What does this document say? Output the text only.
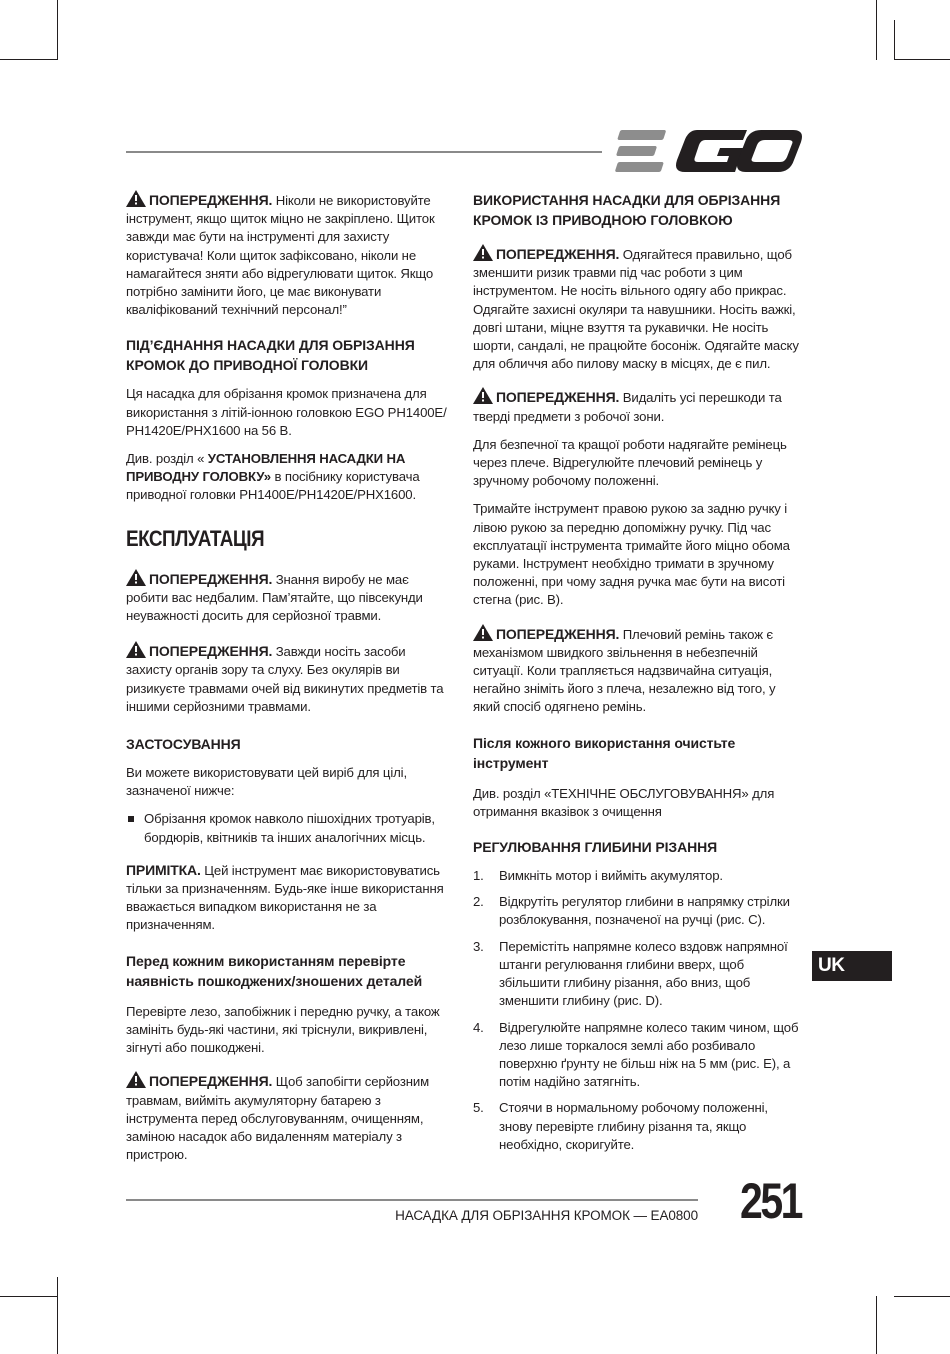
ПОПЕРЕДЖЕННЯ. Ніколи не використовуйте інструмент, якщо щиток міцно не закріплено. Щиток завжди має бути на інструменті для захисту користувача! Коли щиток зафіксовано, ніколи не намагайтеся зняти або відрегулювати щиток. Якщо потрібно замінити його, це має виконувати кваліфікований технічний персонал!”

ПІД’ЄДНАННЯ НАСАДКИ ДЛЯ ОБРІЗАННЯ КРОМОК ДО ПРИВОДНОЇ ГОЛОВКИ

Ця насадка для обрізання кромок призначена для використання з літій-іонною головкою EGO PH1400E/ PH1420E/PHX1600 на 56 В.

Див. розділ « УСТАНОВЛЕННЯ НАСАДКИ НА ПРИВОДНУ ГОЛОВКУ» в посібнику користувача приводної головки PH1400E/PH1420E/PHX1600.

ЕКСПЛУАТАЦІЯ

ПОПЕРЕДЖЕННЯ. Знання виробу не має робити вас недбалим. Пам’ятайте, що півсекунди неуважності досить для серйозної травми.

ПОПЕРЕДЖЕННЯ. Завжди носіть засоби захисту органів зору та слуху. Без окулярів ви ризикуєте травмами очей від викинутих предметів та іншими серйозними травмами.

ЗАСТОСУВАННЯ

Ви можете використовувати цей виріб для цілі, зазначеної нижче:

Обрізання кромок навколо пішохідних тротуарів, бордюрів, квітників та інших аналогічних місць.

ПРИМІТКА. Цей інструмент має використовуватись тільки за призначенням. Будь-яке інше використання вважається випадком використання не за призначенням.

Перед кожним використанням перевірте наявність пошкоджених/зношених деталей

Перевірте лезо, запобіжник і передню ручку, а також замініть будь-які частини, які тріснули, викривлені, зігнуті або пошкоджені.

ПОПЕРЕДЖЕННЯ. Щоб запобігти серйозним травмам, вийміть акумуляторну батарею з інструмента перед обслуговуванням, очищенням, заміною насадок або видаленням матеріалу з пристрою.

ВИКОРИСТАННЯ НАСАДКИ ДЛЯ ОБРІЗАННЯ КРОМОК ІЗ ПРИВОДНОЮ ГОЛОВКОЮ

ПОПЕРЕДЖЕННЯ. Одягайтеся правильно, щоб зменшити ризик травми під час роботи з цим інструментом. Не носіть вільного одягу або прикрас. Одягайте захисні окуляри та навушники. Носіть важкі, довгі штани, міцне взуття та рукавички. Не носіть шорти, сандалі, не працюйте босоніж. Одягайте маску для обличчя або пилову маску в місцях, де є пил.

ПОПЕРЕДЖЕННЯ. Видаліть усі перешкоди та тверді предмети з робочої зони.

Для безпечної та кращої роботи надягайте ремінець через плече. Відрегулюйте плечовий ремінець у зручному робочому положенні.

Тримайте інструмент правою рукою за задню ручку і лівою рукою за передню допоміжну ручку. Під час експлуатації інструмента тримайте його міцно обома руками. Інструмент необхідно тримати в зручному положенні, при чому задня ручка має бути на висоті стегна (рис. B).

ПОПЕРЕДЖЕННЯ. Плечовий ремінь також є механізмом швидкого звільнення в небезпечній ситуації. Коли трапляється надзвичайна ситуація, негайно зніміть його з плеча, незалежно від того, у який спосіб одягнено ремінь.

Після кожного використання очистьте інструмент

Див. розділ «ТЕХНІЧНЕ ОБСЛУГОВУВАННЯ» для отримання вказівок з очищення

РЕГУЛЮВАННЯ ГЛИБИНИ РІЗАННЯ
1.	Вимкніть мотор і вийміть акумулятор.
2.	Відкрутіть регулятор глибини в напрямку стрілки розблокування, позначеної на ручці (рис. C).
3.	Перемістіть напрямне колесо вздовж напрямної штанги регулювання глибини вверх, щоб збільшити глибину різання, або вниз, щоб зменшити глибину (рис. D).
4.	Відрегулюйте напрямне колесо таким чином, щоб лезо лише торкалося землі або розбивало поверхню ґрунту не більш ніж на 5 мм (рис. E), а потім надійно затягніть.
5.	Стоячи в нормальному робочому положенні, знову перевірте глибину різання та, якщо необхідно, скоригуйте.
UK
НАСАДКА ДЛЯ ОБРІЗАННЯ КРОМОК — EA0800 251
